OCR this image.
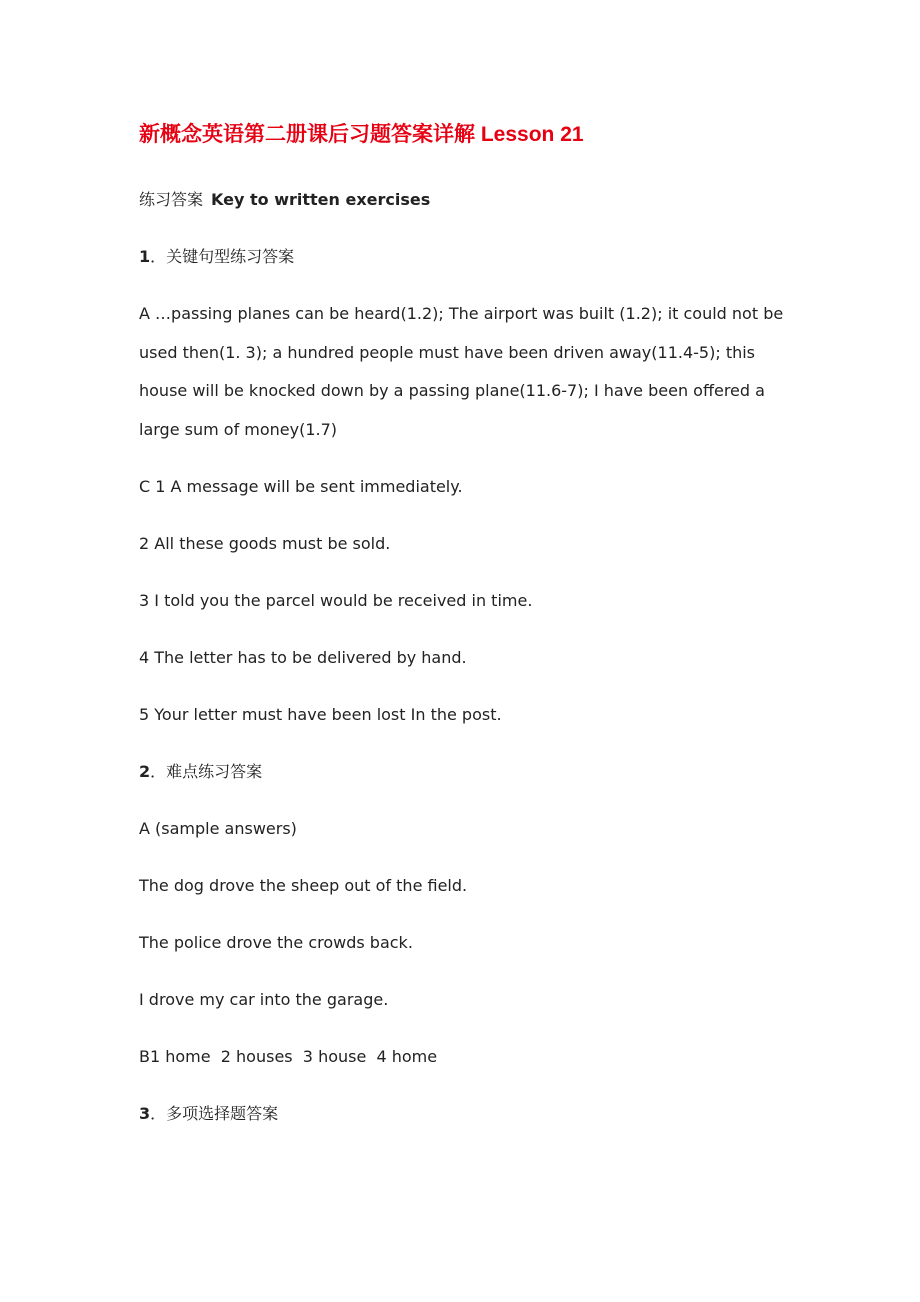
新概念英语第二册课后习题答案详解 Lesson 21
练习答案 Key to written exercises
1．关键句型练习答案
A …passing planes can be heard(1.2); The airport was built (1.2); it could not be used then(1. 3); a hundred people must have been driven away(11.4-5); this house will be knocked down by a passing plane(11.6-7); I have been offered a large sum of money(1.7)
C 1 A message will be sent immediately.
2 All these goods must be sold.
3 I told you the parcel would be received in time.
4 The letter has to be delivered by hand.
5 Your letter must have been lost In the post.
2．难点练习答案
A (sample answers)
The dog drove the sheep out of the field.
The police drove the crowds back.
I drove my car into the garage.
B1 home  2 houses  3 house  4 home
3．多项选择题答案
